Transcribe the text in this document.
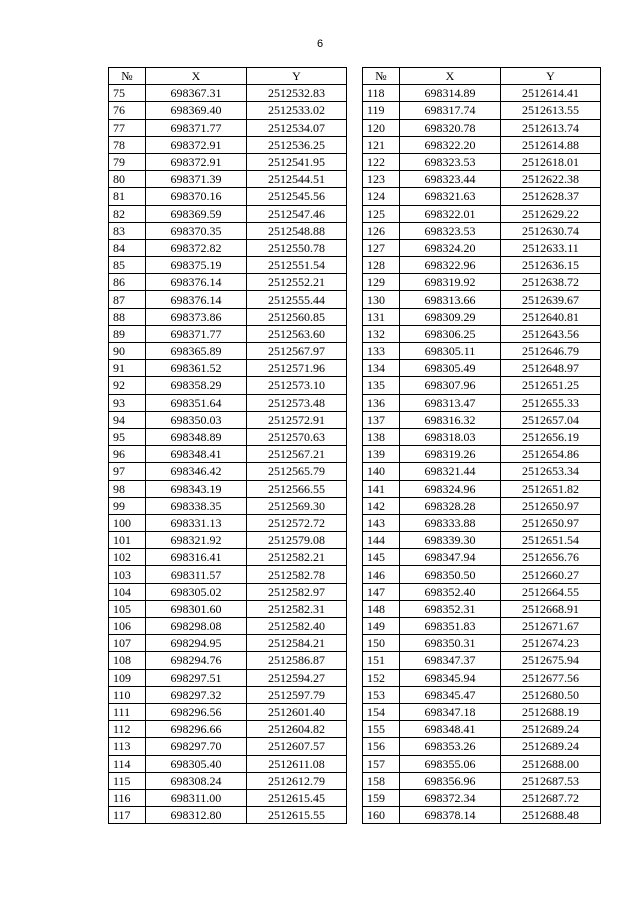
6
№	X	Y		№	X	Y
75	698367.31	2512532.83		118	698314.89	2512614.41
76	698369.40	2512533.02		119	698317.74	2512613.55
77	698371.77	2512534.07		120	698320.78	2512613.74
78	698372.91	2512536.25		121	698322.20	2512614.88
79	698372.91	2512541.95		122	698323.53	2512618.01
80	698371.39	2512544.51		123	698323.44	2512622.38
81	698370.16	2512545.56		124	698321.63	2512628.37
82	698369.59	2512547.46		125	698322.01	2512629.22
83	698370.35	2512548.88		126	698323.53	2512630.74
84	698372.82	2512550.78		127	698324.20	2512633.11
85	698375.19	2512551.54		128	698322.96	2512636.15
86	698376.14	2512552.21		129	698319.92	2512638.72
87	698376.14	2512555.44		130	698313.66	2512639.67
88	698373.86	2512560.85		131	698309.29	2512640.81
89	698371.77	2512563.60		132	698306.25	2512643.56
90	698365.89	2512567.97		133	698305.11	2512646.79
91	698361.52	2512571.96		134	698305.49	2512648.97
92	698358.29	2512573.10		135	698307.96	2512651.25
93	698351.64	2512573.48		136	698313.47	2512655.33
94	698350.03	2512572.91		137	698316.32	2512657.04
95	698348.89	2512570.63		138	698318.03	2512656.19
96	698348.41	2512567.21		139	698319.26	2512654.86
97	698346.42	2512565.79		140	698321.44	2512653.34
98	698343.19	2512566.55		141	698324.96	2512651.82
99	698338.35	2512569.30		142	698328.28	2512650.97
100	698331.13	2512572.72		143	698333.88	2512650.97
101	698321.92	2512579.08		144	698339.30	2512651.54
102	698316.41	2512582.21		145	698347.94	2512656.76
103	698311.57	2512582.78		146	698350.50	2512660.27
104	698305.02	2512582.97		147	698352.40	2512664.55
105	698301.60	2512582.31		148	698352.31	2512668.91
106	698298.08	2512582.40		149	698351.83	2512671.67
107	698294.95	2512584.21		150	698350.31	2512674.23
108	698294.76	2512586.87		151	698347.37	2512675.94
109	698297.51	2512594.27		152	698345.94	2512677.56
110	698297.32	2512597.79		153	698345.47	2512680.50
111	698296.56	2512601.40		154	698347.18	2512688.19
112	698296.66	2512604.82		155	698348.41	2512689.24
113	698297.70	2512607.57		156	698353.26	2512689.24
114	698305.40	2512611.08		157	698355.06	2512688.00
115	698308.24	2512612.79		158	698356.96	2512687.53
116	698311.00	2512615.45		159	698372.34	2512687.72
117	698312.80	2512615.55		160	698378.14	2512688.48
